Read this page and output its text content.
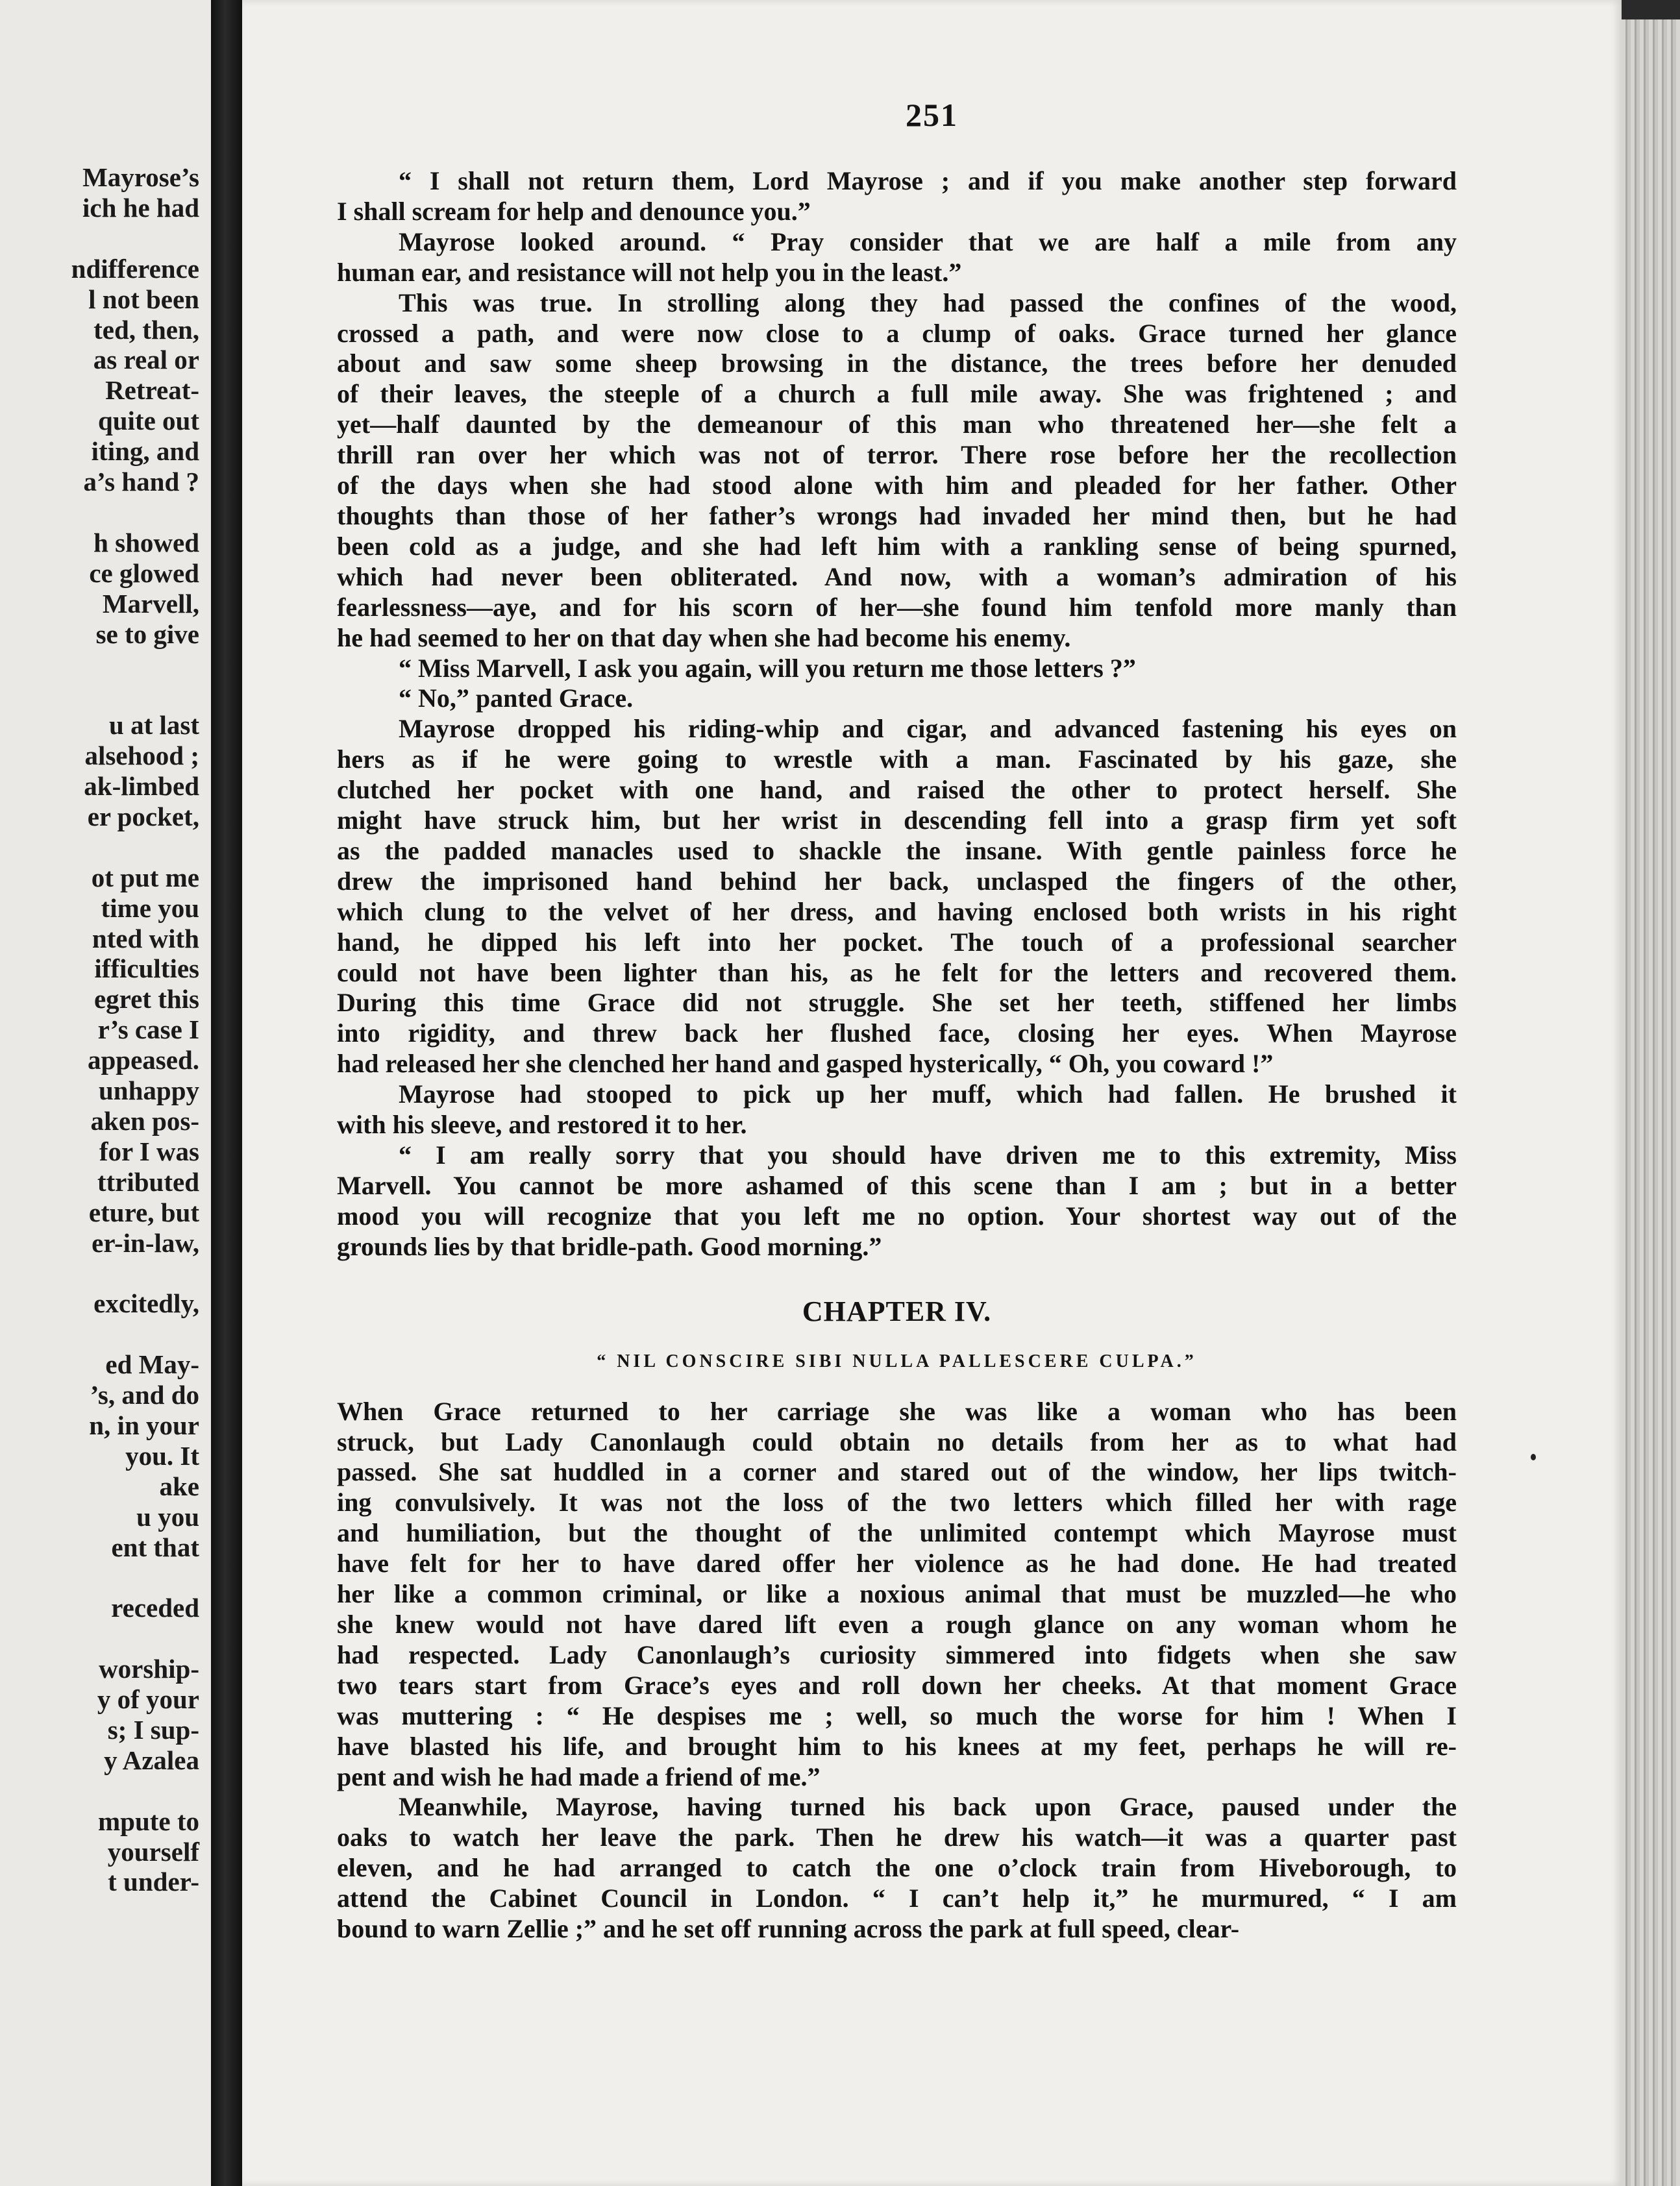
Mayrose’s
ich he had
ndifference
l not been
ted, then,
as real or
Retreat-
quite out
iting, and
a’s hand ?
h showed
ce glowed
Marvell,
se to give
u at last
alsehood ;
ak-limbed
er pocket,
ot put me
time you
nted with
ifficulties
egret this
r’s case I
appeased.
unhappy
aken pos-
for I was
ttributed
eture, but
er-in-law,
excitedly,
ed May-
’s, and do
n, in your
you. It
ake
u you
ent that
receded
worship-
y of your
s; I sup-
y Azalea
mpute to
yourself
t under-
251
“ I shall not return them, Lord Mayrose ; and if you make another step forward
I shall scream for help and denounce you.”
Mayrose looked around. “ Pray consider that we are half a mile from any
human ear, and resistance will not help you in the least.”
This was true. In strolling along they had passed the confines of the wood,
crossed a path, and were now close to a clump of oaks. Grace turned her glance
about and saw some sheep browsing in the distance, the trees before her denuded
of their leaves, the steeple of a church a full mile away. She was frightened ; and
yet—half daunted by the demeanour of this man who threatened her—she felt a
thrill ran over her which was not of terror. There rose before her the recollection
of the days when she had stood alone with him and pleaded for her father. Other
thoughts than those of her father’s wrongs had invaded her mind then, but he had
been cold as a judge, and she had left him with a rankling sense of being spurned,
which had never been obliterated. And now, with a woman’s admiration of his
fearlessness—aye, and for his scorn of her—she found him tenfold more manly than
he had seemed to her on that day when she had become his enemy.
“ Miss Marvell, I ask you again, will you return me those letters ?”
“ No,” panted Grace.
Mayrose dropped his riding-whip and cigar, and advanced fastening his eyes on
hers as if he were going to wrestle with a man. Fascinated by his gaze, she
clutched her pocket with one hand, and raised the other to protect herself. She
might have struck him, but her wrist in descending fell into a grasp firm yet soft
as the padded manacles used to shackle the insane. With gentle painless force he
drew the imprisoned hand behind her back, unclasped the fingers of the other,
which clung to the velvet of her dress, and having enclosed both wrists in his right
hand, he dipped his left into her pocket. The touch of a professional searcher
could not have been lighter than his, as he felt for the letters and recovered them.
During this time Grace did not struggle. She set her teeth, stiffened her limbs
into rigidity, and threw back her flushed face, closing her eyes. When Mayrose
had released her she clenched her hand and gasped hysterically, “ Oh, you coward !”
Mayrose had stooped to pick up her muff, which had fallen. He brushed it
with his sleeve, and restored it to her.
“ I am really sorry that you should have driven me to this extremity, Miss
Marvell. You cannot be more ashamed of this scene than I am ; but in a better
mood you will recognize that you left me no option. Your shortest way out of the
grounds lies by that bridle-path. Good morning.”
CHAPTER IV.
“ NIL CONSCIRE SIBI NULLA PALLESCERE CULPA.”
When Grace returned to her carriage she was like a woman who has been
struck, but Lady Canonlaugh could obtain no details from her as to what had
passed. She sat huddled in a corner and stared out of the window, her lips twitch-
ing convulsively. It was not the loss of the two letters which filled her with rage
and humiliation, but the thought of the unlimited contempt which Mayrose must
have felt for her to have dared offer her violence as he had done. He had treated
her like a common criminal, or like a noxious animal that must be muzzled—he who
she knew would not have dared lift even a rough glance on any woman whom he
had respected. Lady Canonlaugh’s curiosity simmered into fidgets when she saw
two tears start from Grace’s eyes and roll down her cheeks. At that moment Grace
was muttering : “ He despises me ; well, so much the worse for him ! When I
have blasted his life, and brought him to his knees at my feet, perhaps he will re-
pent and wish he had made a friend of me.”
Meanwhile, Mayrose, having turned his back upon Grace, paused under the
oaks to watch her leave the park. Then he drew his watch—it was a quarter past
eleven, and he had arranged to catch the one o’clock train from Hiveborough, to
attend the Cabinet Council in London. “ I can’t help it,” he murmured, “ I am
bound to warn Zellie ;” and he set off running across the park at full speed, clear-
